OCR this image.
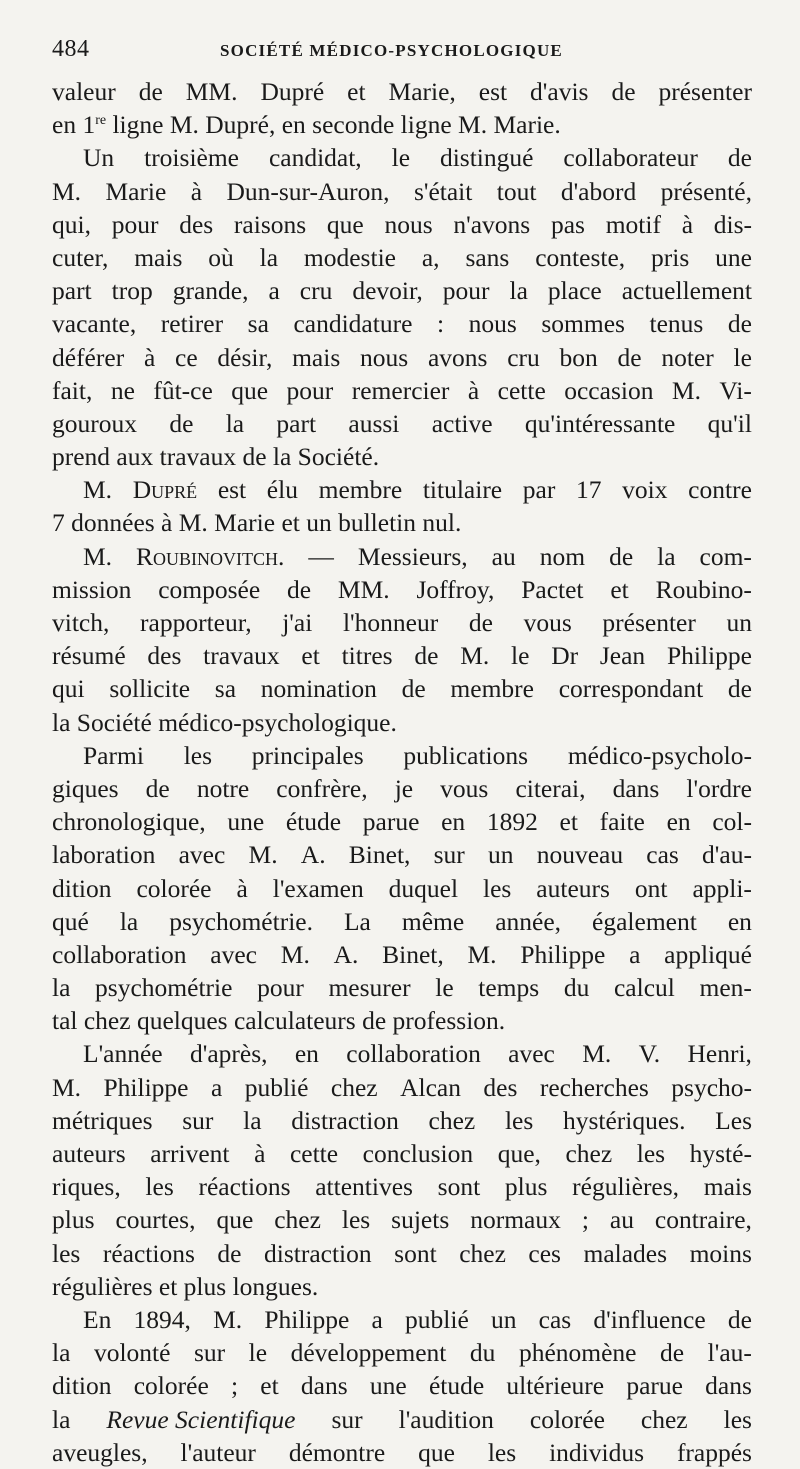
484	SOCIÉTÉ MÉDICO-PSYCHOLOGIQUE
valeur de MM. Dupré et Marie, est d'avis de présenter
en 1re ligne M. Dupré, en seconde ligne M. Marie.
Un troisième candidat, le distingué collaborateur de
M. Marie à Dun-sur-Auron, s'était tout d'abord présenté,
qui, pour des raisons que nous n'avons pas motif à dis-
cuter, mais où la modestie a, sans conteste, pris une
part trop grande, a cru devoir, pour la place actuellement
vacante, retirer sa candidature : nous sommes tenus de
déférer à ce désir, mais nous avons cru bon de noter le
fait, ne fût-ce que pour remercier à cette occasion M. Vi-
gouroux de la part aussi active qu'intéressante qu'il
prend aux travaux de la Société.
M. Dupré est élu membre titulaire par 17 voix contre
7 données à M. Marie et un bulletin nul.
M. Roubinovitch. — Messieurs, au nom de la com-
mission composée de MM. Joffroy, Pactet et Roubino-
vitch, rapporteur, j'ai l'honneur de vous présenter un
résumé des travaux et titres de M. le Dr Jean Philippe
qui sollicite sa nomination de membre correspondant de
la Société médico-psychologique.
Parmi les principales publications médico-psycholo-
giques de notre confrère, je vous citerai, dans l'ordre
chronologique, une étude parue en 1892 et faite en col-
laboration avec M. A. Binet, sur un nouveau cas d'au-
dition colorée à l'examen duquel les auteurs ont appli-
qué la psychométrie. La même année, également en
collaboration avec M. A. Binet, M. Philippe a appliqué
la psychométrie pour mesurer le temps du calcul men-
tal chez quelques calculateurs de profession.
L'année d'après, en collaboration avec M. V. Henri,
M. Philippe a publié chez Alcan des recherches psycho-
métriques sur la distraction chez les hystériques. Les
auteurs arrivent à cette conclusion que, chez les hysté-
riques, les réactions attentives sont plus régulières, mais
plus courtes, que chez les sujets normaux ; au contraire,
les réactions de distraction sont chez ces malades moins
régulières et plus longues.
En 1894, M. Philippe a publié un cas d'influence de
la volonté sur le développement du phénomène de l'au-
dition colorée ; et dans une étude ultérieure parue dans
la Revue Scientifique sur l'audition colorée chez les
aveugles, l'auteur démontre que les individus frappés
